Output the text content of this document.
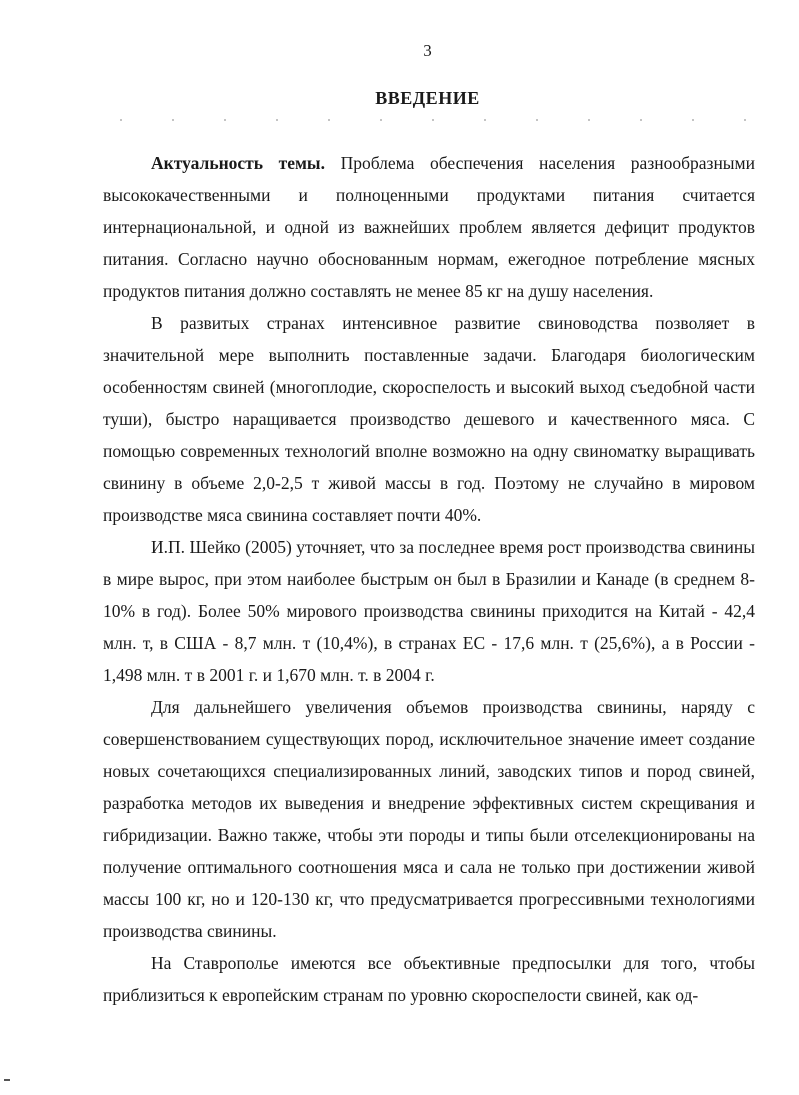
3
ВВЕДЕНИЕ

Актуальность темы. Проблема обеспечения населения разнообразными высококачественными и полноценными продуктами питания считается интернациональной, и одной из важнейших проблем является дефицит продуктов питания. Согласно научно обоснованным нормам, ежегодное потребление мясных продуктов питания должно составлять не менее 85 кг на душу населения.

В развитых странах интенсивное развитие свиноводства позволяет в значительной мере выполнить поставленные задачи. Благодаря биологическим особенностям свиней (многоплодие, скороспелость и высокий выход съедобной части туши), быстро наращивается производство дешевого и качественного мяса. С помощью современных технологий вполне возможно на одну свиноматку выращивать свинину в объеме 2,0-2,5 т живой массы в год. Поэтому не случайно в мировом производстве мяса свинина составляет почти 40%.

И.П. Шейко (2005) уточняет, что за последнее время рост производства свинины в мире вырос, при этом наиболее быстрым он был в Бразилии и Канаде (в среднем 8-10% в год). Более 50% мирового производства свинины приходится на Китай - 42,4 млн. т, в США - 8,7 млн. т (10,4%), в странах ЕС - 17,6 млн. т (25,6%), а в России - 1,498 млн. т в 2001 г. и 1,670 млн. т. в 2004 г.

Для дальнейшего увеличения объемов производства свинины, наряду с совершенствованием существующих пород, исключительное значение имеет создание новых сочетающихся специализированных линий, заводских типов и пород свиней, разработка методов их выведения и внедрение эффективных систем скрещивания и гибридизации. Важно также, чтобы эти породы и типы были отселекционированы на получение оптимального соотношения мяса и сала не только при достижении живой массы 100 кг, но и 120-130 кг, что предусматривается прогрессивными технологиями производства свинины.

На Ставрополье имеются все объективные предпосылки для того, чтобы приблизиться к европейским странам по уровню скороспелости свиней, как од-
